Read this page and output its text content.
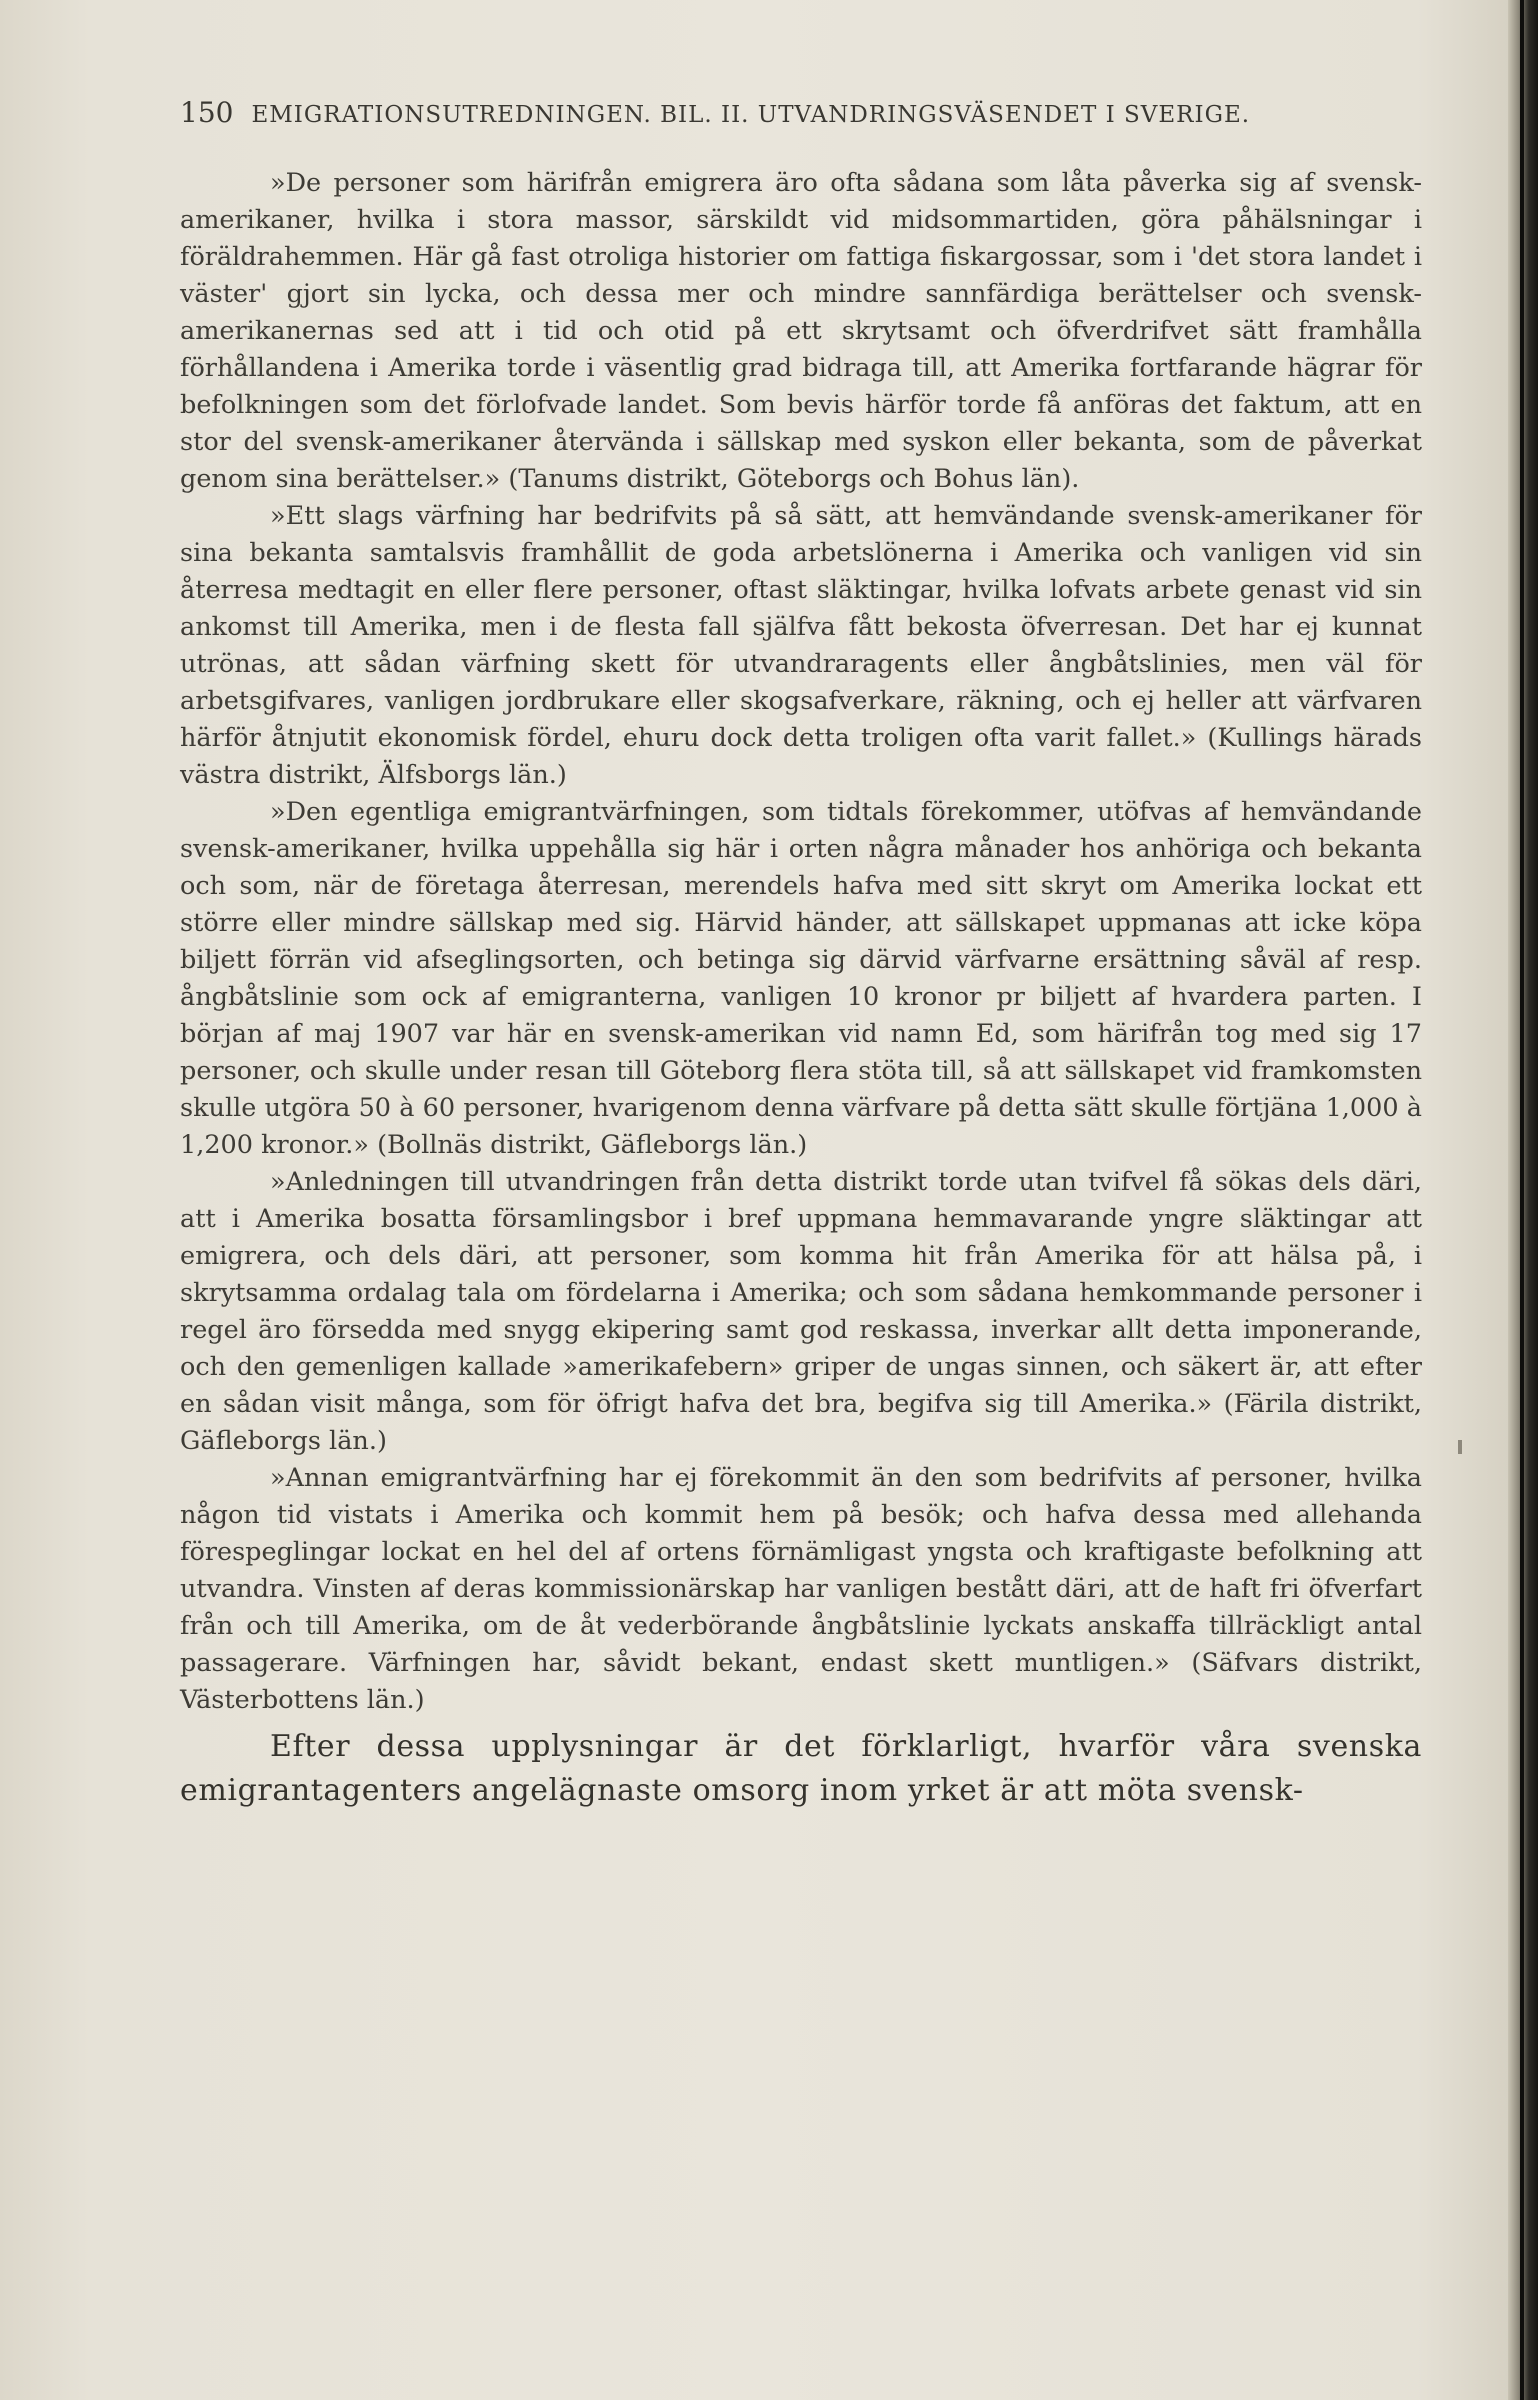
150 EMIGRATIONSUTREDNINGEN. BIL. II. UTVANDRINGSVÄSENDET I SVERIGE.

»De personer som härifrån emigrera äro ofta sådana som låta påverka sig af svensk-amerikaner, hvilka i stora massor, särskildt vid midsommartiden, göra påhälsningar i föräldrahemmen. Här gå fast otroliga historier om fattiga fiskargossar, som i 'det stora landet i väster' gjort sin lycka, och dessa mer och mindre sannfärdiga berättelser och svensk-amerikanernas sed att i tid och otid på ett skrytsamt och öfverdrifvet sätt framhålla förhållandena i Amerika torde i väsentlig grad bidraga till, att Amerika fortfarande hägrar för befolkningen som det förlofvade landet. Som bevis härför torde få anföras det faktum, att en stor del svensk-amerikaner återvända i sällskap med syskon eller bekanta, som de påverkat genom sina berättelser.» (Tanums distrikt, Göteborgs och Bohus län).

»Ett slags värfning har bedrifvits på så sätt, att hemvändande svensk-amerikaner för sina bekanta samtalsvis framhållit de goda arbetslönerna i Amerika och vanligen vid sin återresa medtagit en eller flere personer, oftast släktingar, hvilka lofvats arbete genast vid sin ankomst till Amerika, men i de flesta fall själfva fått bekosta öfverresan. Det har ej kunnat utrönas, att sådan värfning skett för utvandraragents eller ångbåtslinies, men väl för arbetsgifvares, vanligen jordbrukare eller skogsafverkare, räkning, och ej heller att värfvaren härför åtnjutit ekonomisk fördel, ehuru dock detta troligen ofta varit fallet.» (Kullings härads västra distrikt, Älfsborgs län.)

»Den egentliga emigrantvärfningen, som tidtals förekommer, utöfvas af hemvändande svensk-amerikaner, hvilka uppehålla sig här i orten några månader hos anhöriga och bekanta och som, när de företaga återresan, merendels hafva med sitt skryt om Amerika lockat ett större eller mindre sällskap med sig. Härvid händer, att sällskapet uppmanas att icke köpa biljett förrän vid afseglingsorten, och betinga sig därvid värfvarne ersättning såväl af resp. ångbåtslinie som ock af emigranterna, vanligen 10 kronor pr biljett af hvardera parten. I början af maj 1907 var här en svensk-amerikan vid namn Ed, som härifrån tog med sig 17 personer, och skulle under resan till Göteborg flera stöta till, så att sällskapet vid framkomsten skulle utgöra 50 à 60 personer, hvarigenom denna värfvare på detta sätt skulle förtjäna 1,000 à 1,200 kronor.» (Bollnäs distrikt, Gäfleborgs län.)

»Anledningen till utvandringen från detta distrikt torde utan tvifvel få sökas dels däri, att i Amerika bosatta församlingsbor i bref uppmana hemmavarande yngre släktingar att emigrera, och dels däri, att personer, som komma hit från Amerika för att hälsa på, i skrytsamma ordalag tala om fördelarna i Amerika; och som sådana hemkommande personer i regel äro försedda med snygg ekipering samt god reskassa, inverkar allt detta imponerande, och den gemenligen kallade »amerikafebern» griper de ungas sinnen, och säkert är, att efter en sådan visit många, som för öfrigt hafva det bra, begifva sig till Amerika.» (Färila distrikt, Gäfleborgs län.)

»Annan emigrantvärfning har ej förekommit än den som bedrifvits af personer, hvilka någon tid vistats i Amerika och kommit hem på besök; och hafva dessa med allehanda förespeglingar lockat en hel del af ortens förnämligast yngsta och kraftigaste befolkning att utvandra. Vinsten af deras kommissionärskap har vanligen bestått däri, att de haft fri öfverfart från och till Amerika, om de åt vederbörande ångbåtslinie lyckats anskaffa tillräckligt antal passagerare. Värfningen har, såvidt bekant, endast skett muntligen.» (Säfvars distrikt, Västerbottens län.)

Efter dessa upplysningar är det förklarligt, hvarför våra svenska emigrantagenters angelägnaste omsorg inom yrket är att möta svensk-
